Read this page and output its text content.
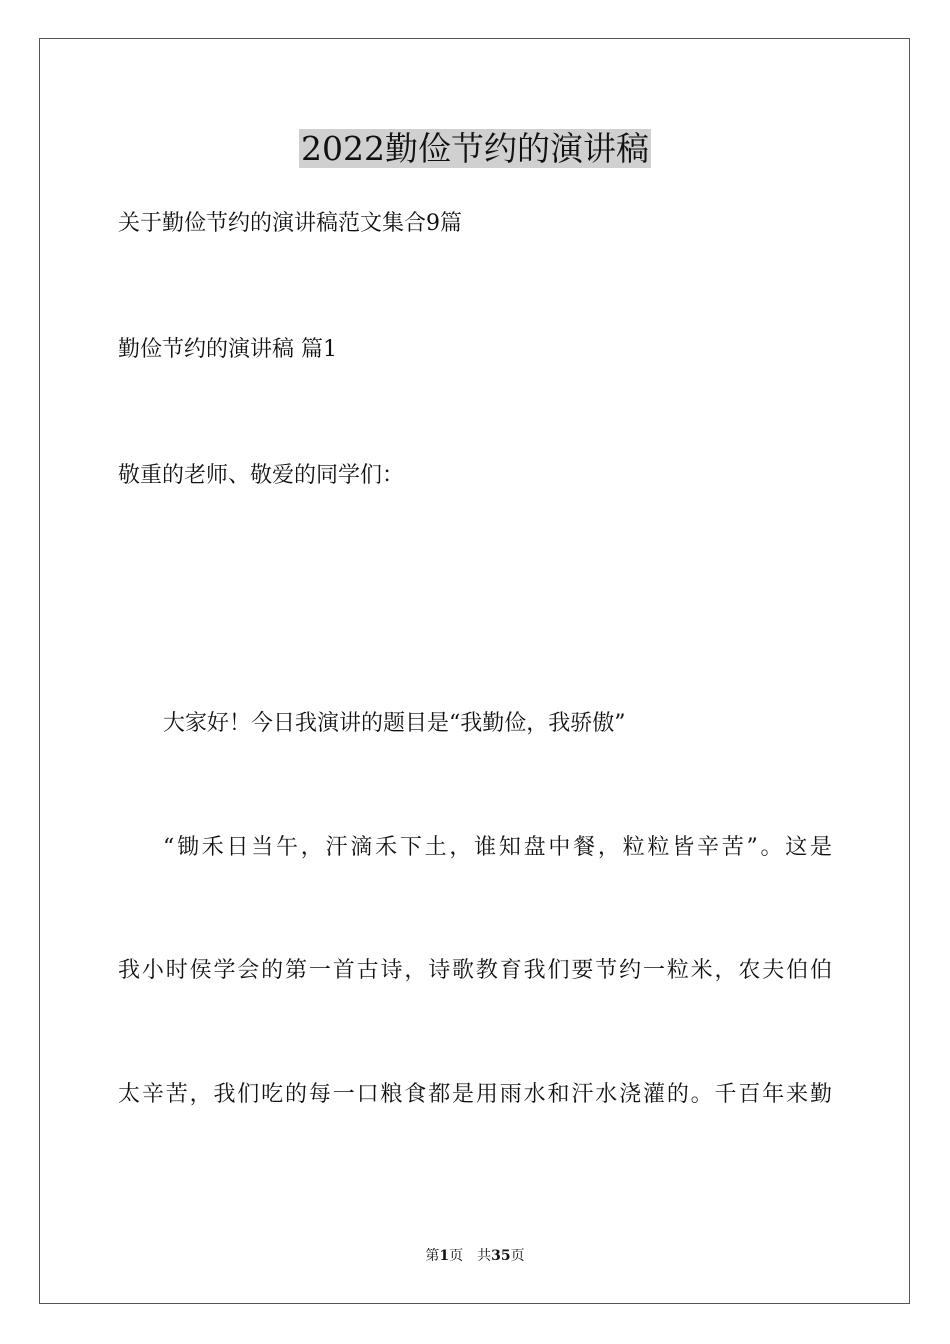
2022勤俭节约的演讲稿
关于勤俭节约的演讲稿范文集合9篇
勤俭节约的演讲稿 篇1
敬重的老师、敬爱的同学们：
大家好！今日我演讲的题目是“我勤俭，我骄傲”
“锄禾日当午，汗滴禾下土，谁知盘中餐，粒粒皆辛苦”。这是
我小时侯学会的第一首古诗，诗歌教育我们要节约一粒米，农夫伯伯
太辛苦，我们吃的每一口粮食都是用雨水和汗水浇灌的。千百年来勤
第1页 共35页
